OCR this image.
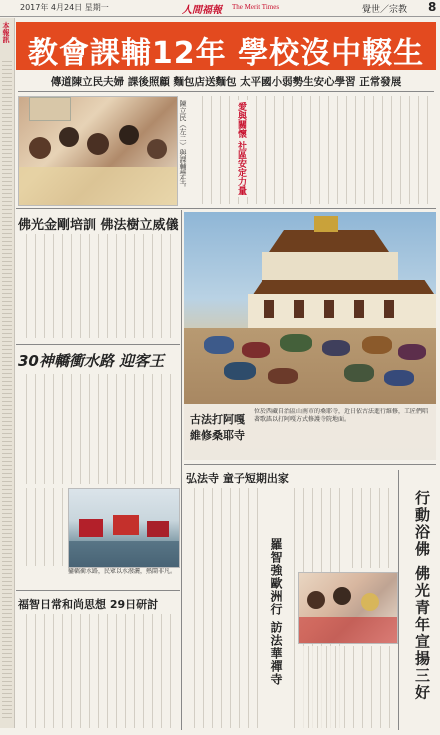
2017年 4月24日 星期一	人間福報 The Merit Times	覺世／宗教 8
本報訊
教會課輔12年 學校沒中輟生
傳道陳立民夫婦 課後照顧 麵包店送麵包 太平國小弱勢生安心學習 正常發展
陳立民（左二）與課輔學生。	愛與關懷 社區安定力量
佛光金剛培訓 佛法樹立威儀
30神轎衝水路 迎客王
鑾轎衝水路，民眾以水潑灑，熱鬧非凡。
福智日常和尚思想 29日研討
古法打阿嘎 維修桑耶寺
位於西藏自治區山南市的桑耶寺，近日依古法進行維修，工匠們唱著歌謠以打阿嘎方式修護寺院地面。
弘法寺 童子短期出家
羅智強歐洲行 訪法華禪寺	行動浴佛 佛光青年宣揚三好
